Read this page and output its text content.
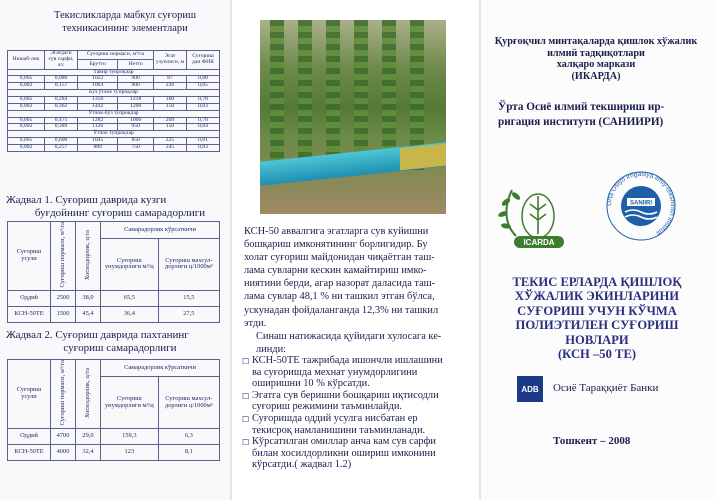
Текисликларда мабкул суғориш

техникасининг элементлари

Нишаб-лик	Эгатдаги сув сарфи, л/с	Суғориш нормаси, м³/га		Эгат узунлиги, м	Суғориш дан ФИК
		Брутто	Нетто		
Тавир тупроқлар					
0,005	0,080	1022	900	87	0,88
0,002	0,157	1064	900	226	0,85
Бўз ўтлок тупроқлар					
0,005	0,284	1350	1218	100	0,78
0,002	0,362	1442	1200	150	0,83
Ўтлок-бўз тупроқлар					
0,005	0,471	1282	1000	209	0,78
0,002	0,389	1126	950	150	0,84
Ўтлок тупроқлар					
0,005	0,600	1045	850	225	0,81
0,002	0,257	889	750	245	0,83

Жадвал 1. Суғориш даврида кузги

буғдойнинг суғориш самарадорлиги

Суғориш усули	Суғориш нормаси, м³/га	Хосилдорлик, ц/га	Самарадорлик кўрсаткичи	
			Суғориш унумдорлиги м³/ц	Суғориш махсул-дорлиги ц/1000м³
Оддий	2500	38,0	65,5	15,5
КСН-50ТЕ	1500	45,4	36,4	27,5

Жадвал 2. Суғориш даврида пахтанинг

суғориш самарадорлиги

Суғориш усули	Суғориш нормаси, м³/га	Хосилдорлик, ц/га	Самарадорлик кўрсаткичи	
			Суғориш унумдорлиги м³/ц	Суғориш махсул-дорлиги ц/1000м³
Оддий	4700	29,0	159,3	6,3
КСН-50ТЕ	4000	32,4	123	8,1
КСН-50 аввалгига эгатларга сув куйишни
бошқариш имконятининг борлигидир. Бу
холат суғориш майдонидан чиқаётган таш-
лама сувларни кескин камайтириш имко-
ниятини берди, агар назорат даласида таш-
лама сувлар 48,1 % ни ташкил этган бўлса,
ускунадан фойдаланганда 12,3% ни ташкил
этди.
Синаш натижасида қуйидаги хулосага ке-
линди:
☐ КСН-50ТЕ тажрибада ишончли ишлашини
ва суғоришда мехнат унумдорлигини
оширишни 10 % кўрсатди.
☐ Эгатга сув беришни бошқариш иқтисодли
суғориш режимини таъминлайди.
☐ Суғоришда оддий усулга нисбатан ер
текисроқ намланишини таъминланади.
☐ Кўрсатилган омиллар анча кам сув сарфи
билан хосилдорликни ошириш имконини
кўрсатди.( жадвал 1.2)
Қурғоқчил минтақаларда қишлок хўжалик
илмий тадқиқотлари
халқаро маркази
(ИКАРДА)
Ўрта Осиё илмий текшириш ир-
ригация институти (САНИИРИ)
ICARDA
Orta Osiyo irrigasiya ilmiy-tekshirish instituti
SANIIRI
ТЕКИС ЕРЛАРДА ҚИШЛОҚ
ХЎЖАЛИК ЭКИНЛАРИНИ
СУҒОРИШ УЧУН КЎЧМА
ПОЛИЭТИЛЕН СУҒОРИШ
НОВЛАРИ
(КСН –50 ТЕ)
ADB	Осиё Тараққиёт Банки

Тошкент – 2008
